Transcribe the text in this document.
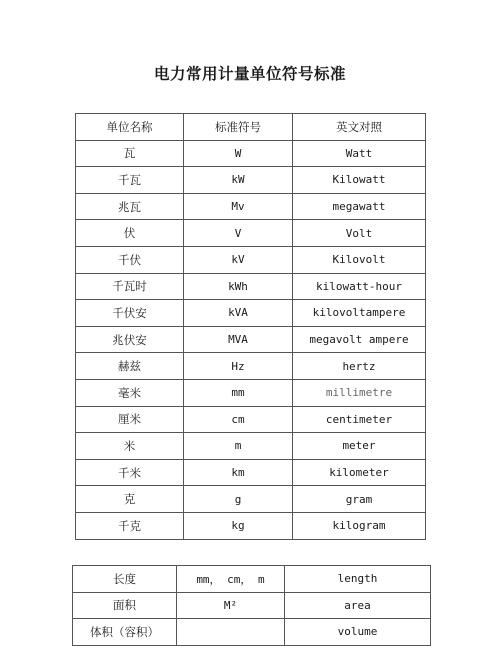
电力常用计量单位符号标准
单位名称	标准符号	英文对照
瓦	W	Watt
千瓦	kW	Kilowatt
兆瓦	Mv	megawatt
伏	V	Volt
千伏	kV	Kilovolt
千瓦时	kWh	kilowatt-hour
千伏安	kVA	kilovoltampere
兆伏安	MVA	megavolt ampere
赫兹	Hz	hertz
毫米	mm	millimetre
厘米	cm	centimeter
米	m	meter
千米	km	kilometer
克	g	gram
千克	kg	kilogram
长度	mm， cm， m	length
面积	M²	area
体积（容积）		volume
